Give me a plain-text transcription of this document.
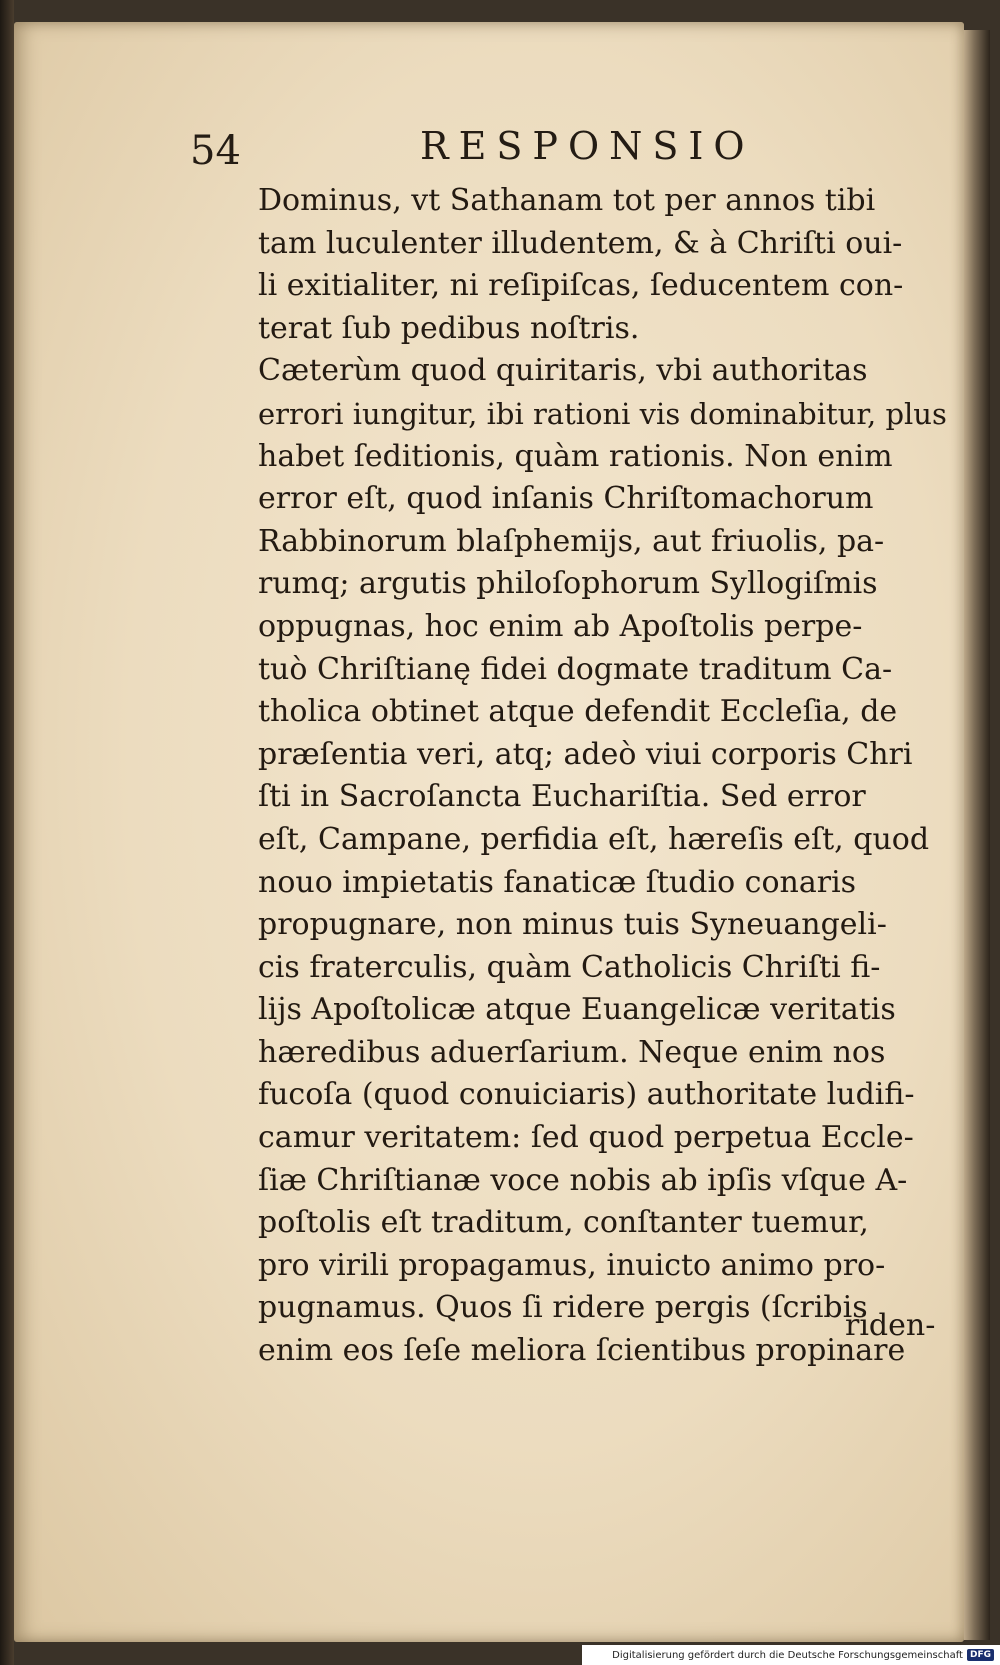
54	RESPONSIO
Dominus, vt Sathanam tot per annos tibi
tam luculenter illudentem, & à Chriſti oui-
li exitialiter, ni reſipiſcas, ſeducentem con-
terat ſub pedibus noſtris.
Cæterùm quod quiritaris, vbi authoritas
errori iungitur, ibi rationi vis dominabitur, plus
habet ſeditionis, quàm rationis. Non enim
error eſt, quod inſanis Chriſtomachorum
Rabbinorum blaſphemijs, aut friuolis, pa-
rumq; argutis philoſophorum Syllogiſmis
oppugnas, hoc enim ab Apoſtolis perpe-
tuò Chriſtianę fidei dogmate traditum Ca-
tholica obtinet atque defendit Eccleſia, de
præſentia veri, atq; adeò viui corporis Chri
ſti in Sacroſancta Euchariſtia. Sed error
eſt, Campane, perfidia eſt, hæreſis eſt, quod
nouo impietatis fanaticæ ſtudio conaris
propugnare, non minus tuis Syneuangeli-
cis fraterculis, quàm Catholicis Chriſti fi-
lijs Apoſtolicæ atque Euangelicæ veritatis
hæredibus aduerſarium. Neque enim nos
fucoſa (quod conuiciaris) authoritate ludifi-
camur veritatem: ſed quod perpetua Eccle-
ſiæ Chriſtianæ voce nobis ab ipſis vſque A-
poſtolis eſt traditum, conſtanter tuemur,
pro virili propagamus, inuicto animo pro-
pugnamus. Quos ſi ridere pergis (ſcribis
enim eos ſeſe meliora ſcientibus propinare
riden-
Digitalisierung gefördert durch die Deutsche Forschungsgemeinschaft DFG
